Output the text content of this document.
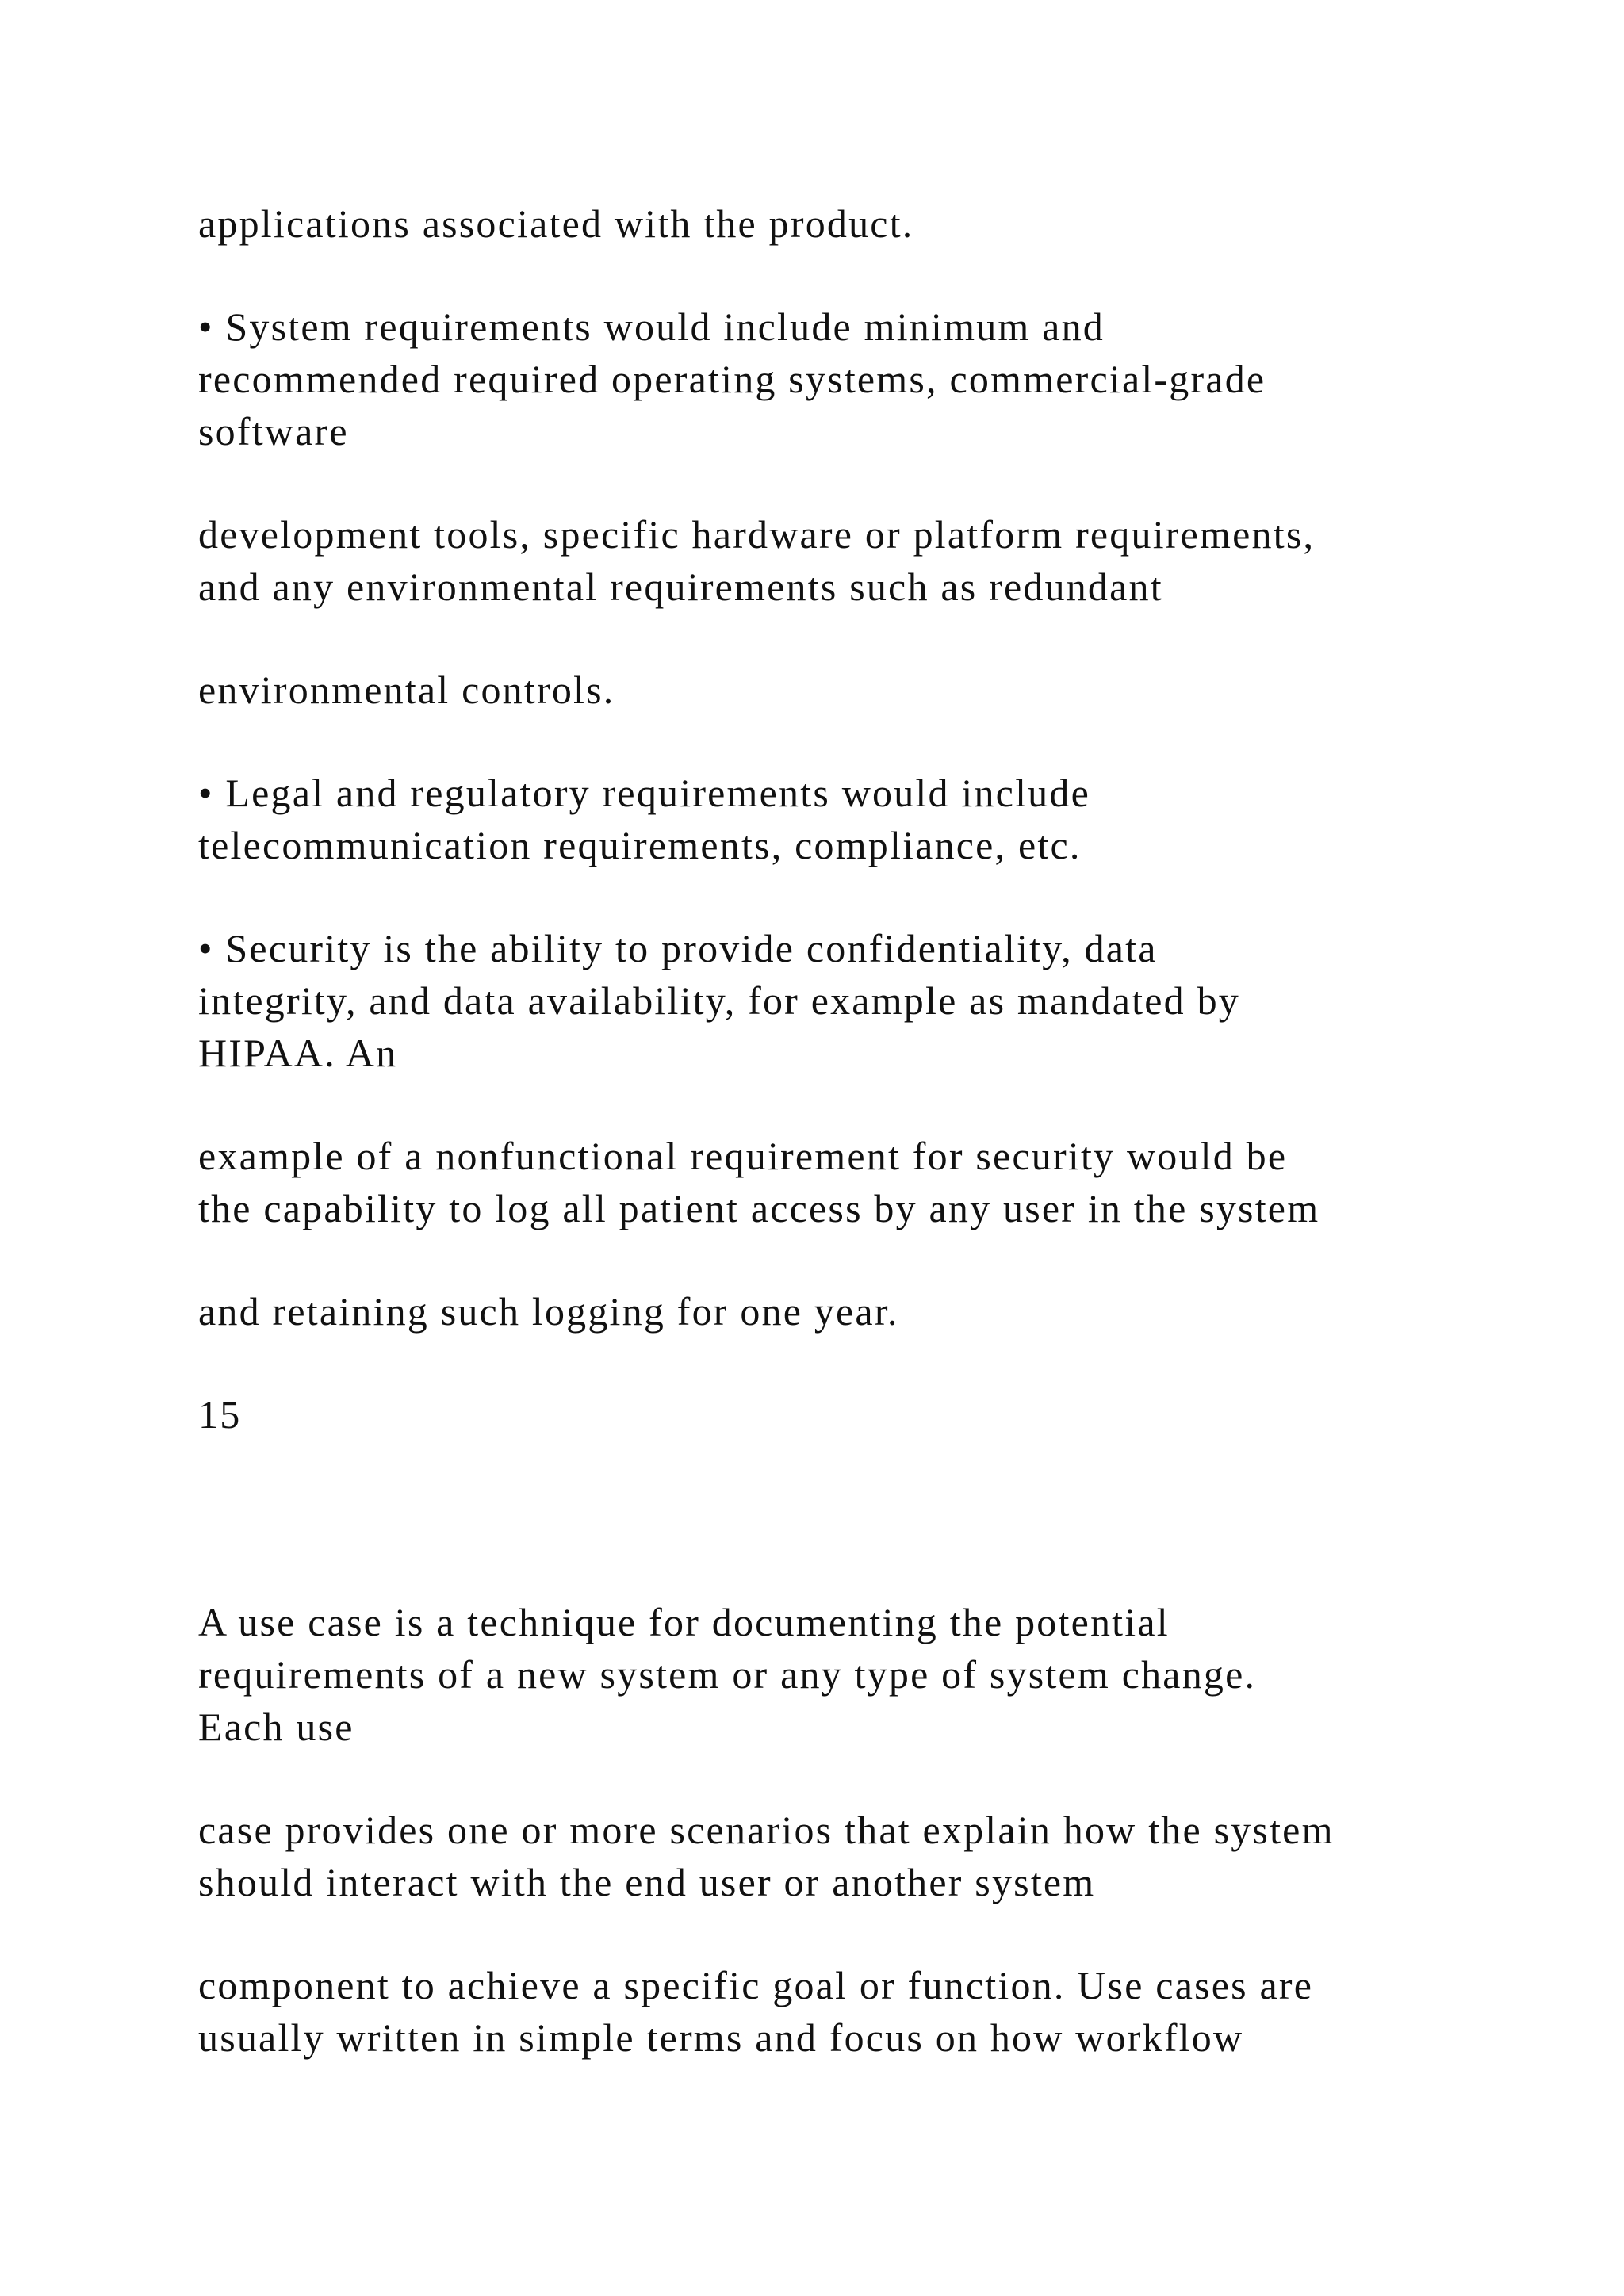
applications associated with the product.
• System requirements would include minimum and
recommended required operating systems, commercial-grade
software
development tools, specific hardware or platform requirements,
and any environmental requirements such as redundant
environmental controls.
• Legal and regulatory requirements would include
telecommunication requirements, compliance, etc.
• Security is the ability to provide confidentiality, data
integrity, and data availability, for example as mandated by
HIPAA. An
example of a nonfunctional requirement for security would be
the capability to log all patient access by any user in the system
and retaining such logging for one year.
15
A use case is a technique for documenting the potential
requirements of a new system or any type of system change.
Each use
case provides one or more scenarios that explain how the system
should interact with the end user or another system
component to achieve a specific goal or function. Use cases are
usually written in simple terms and focus on how workflow
